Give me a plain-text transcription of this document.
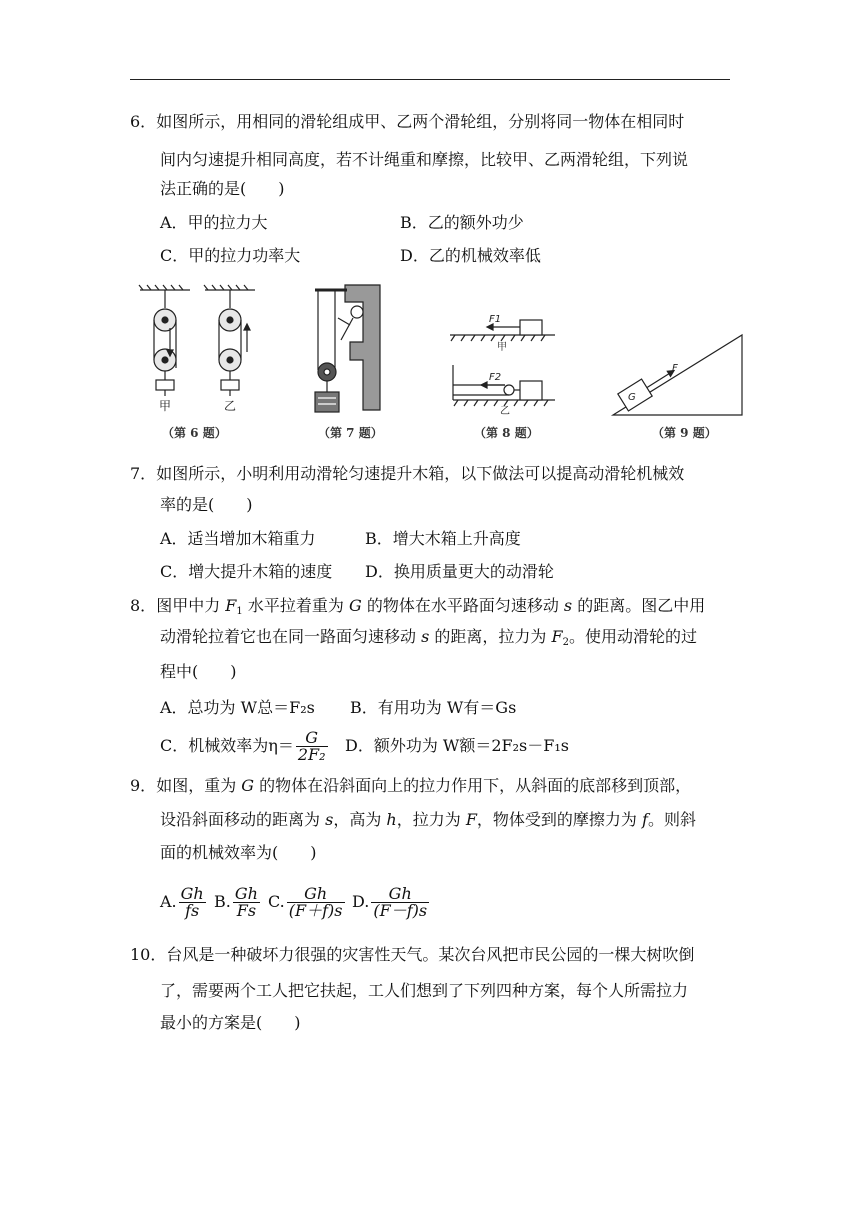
6．如图所示，用相同的滑轮组成甲、乙两个滑轮组，分别将同一物体在相同时
间内匀速提升相同高度，若不计绳重和摩擦，比较甲、乙两滑轮组，下列说
法正确的是(　　)
A．甲的拉力大	B．乙的额外功少
C．甲的拉力功率大	D．乙的机械效率低
甲	乙
F1
甲
F2
乙
G
F
（第 6 题）	（第 7 题）	（第 8 题）	（第 9 题）
7．如图所示，小明利用动滑轮匀速提升木箱，以下做法可以提高动滑轮机械效
率的是(　　)
A．适当增加木箱重力	B．增大木箱上升高度
C．增大提升木箱的速度 D．换用质量更大的动滑轮
8．图甲中力 $F_1$ 水平拉着重为 G 的物体在水平路面匀速移动 s 的距离。图乙中用
动滑轮拉着它也在同一路面匀速移动 s 的距离，拉力为 $F_2$。使用动滑轮的过
程中(　　)
A．总功为 W总＝F₂s B．有用功为 W有＝Gs
C．机械效率为$\eta= \frac{G}{\text{2F₂}}$ D．额外功为 W额＝2F₂s－F₁s
9．如图，重为 G 的物体在沿斜面向上的拉力作用下，从斜面的底部移到顶部，
设沿斜面移动的距离为 s，高为 h，拉力为 F，物体受到的摩擦力为 f。则斜
面的机械效率为(　　)
A. $\frac{Gh}{fs} B$. $\frac{Gh}{Fs} C$. $\frac{Gh}{(F+f)s} D$. $\frac{Gh}{(F-f)s}$
10．台风是一种破坏力很强的灾害性天气。某次台风把市民公园的一棵大树吹倒
了，需要两个工人把它扶起，工人们想到了下列四种方案，每个人所需拉力
最小的方案是(　　)
